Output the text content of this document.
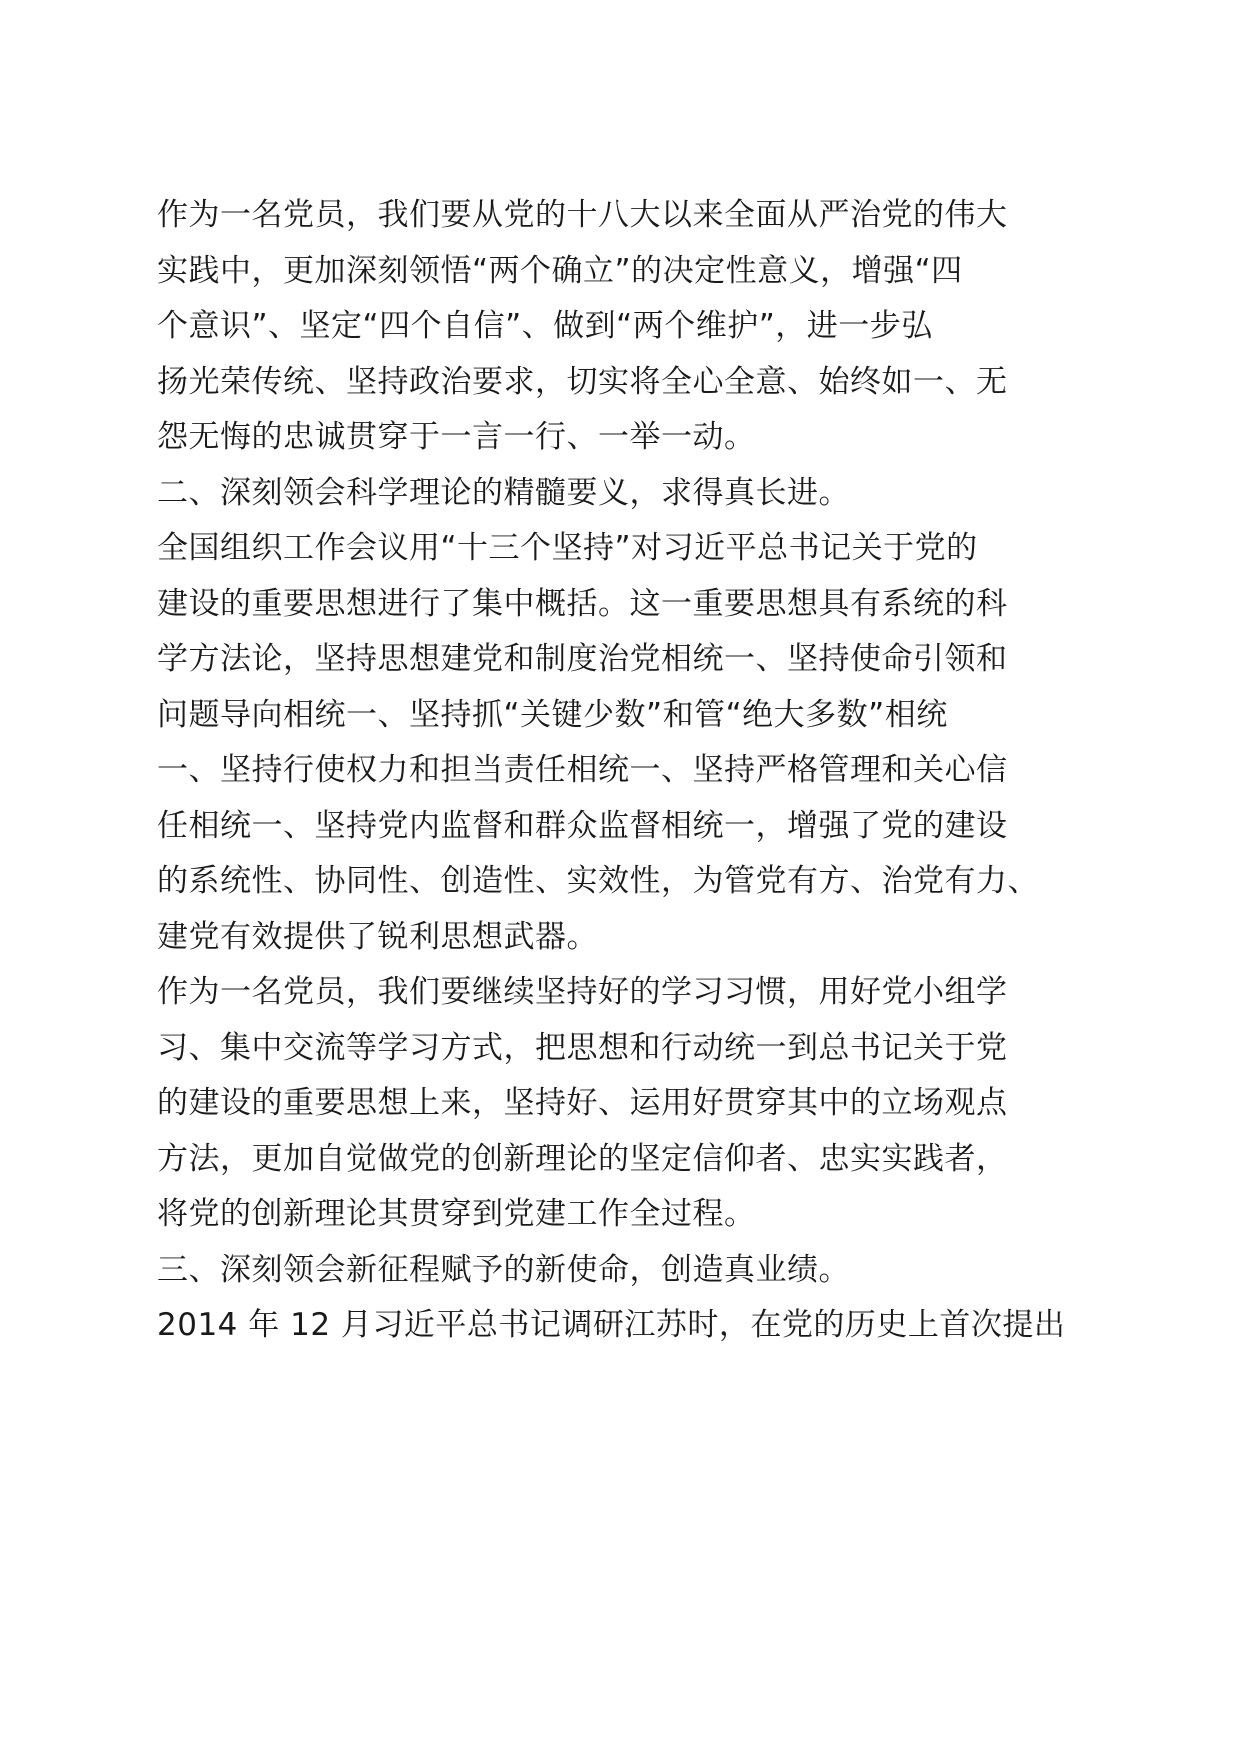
作为一名党员，我们要从党的十八大以来全面从严治党的伟大
实践中，更加深刻领悟“两个确立”的决定性意义，增强“四
个意识”、坚定“四个自信”、做到“两个维护”，进一步弘
扬光荣传统、坚持政治要求，切实将全心全意、始终如一、无
怨无悔的忠诚贯穿于一言一行、一举一动。
二、深刻领会科学理论的精髓要义，求得真长进。
全国组织工作会议用“十三个坚持”对习近平总书记关于党的
建设的重要思想进行了集中概括。这一重要思想具有系统的科
学方法论，坚持思想建党和制度治党相统一、坚持使命引领和
问题导向相统一、坚持抓“关键少数”和管“绝大多数”相统
一、坚持行使权力和担当责任相统一、坚持严格管理和关心信
任相统一、坚持党内监督和群众监督相统一，增强了党的建设
的系统性、协同性、创造性、实效性，为管党有方、治党有力、
建党有效提供了锐利思想武器。
作为一名党员，我们要继续坚持好的学习习惯，用好党小组学
习、集中交流等学习方式，把思想和行动统一到总书记关于党
的建设的重要思想上来，坚持好、运用好贯穿其中的立场观点
方法，更加自觉做党的创新理论的坚定信仰者、忠实实践者，
将党的创新理论其贯穿到党建工作全过程。
三、深刻领会新征程赋予的新使命，创造真业绩。
2014 年 12 月习近平总书记调研江苏时，在党的历史上首次提出
